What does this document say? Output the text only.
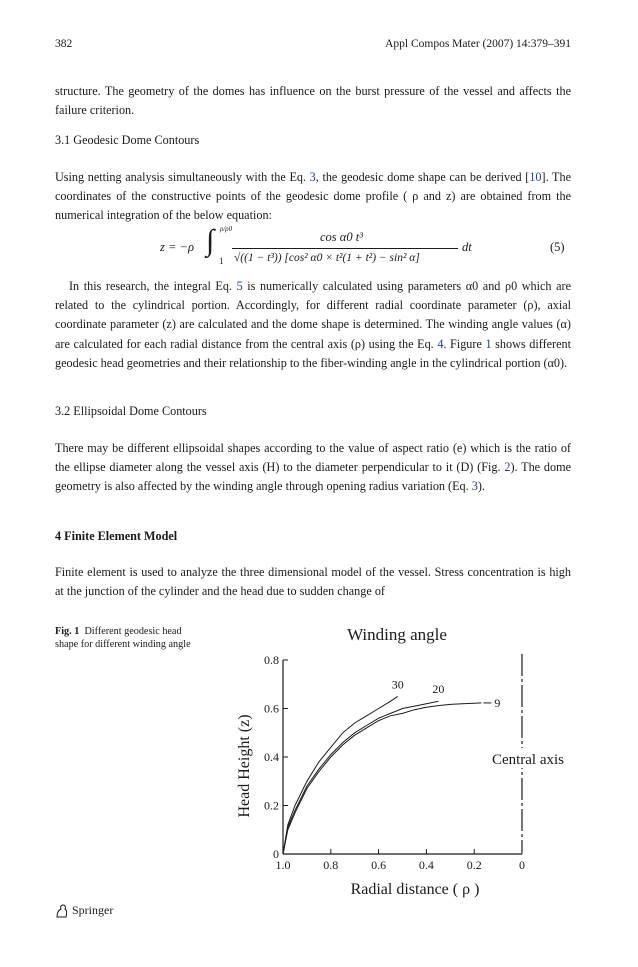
382	Appl Compos Mater (2007) 14:379–391
structure. The geometry of the domes has influence on the burst pressure of the vessel and affects the failure criterion.
3.1 Geodesic Dome Contours
Using netting analysis simultaneously with the Eq. 3, the geodesic dome shape can be derived [10]. The coordinates of the constructive points of the geodesic dome profile ( ρ and z) are obtained from the numerical integration of the below equation:
z = −ρ ∫ ρ/ρ0
1
cos α0 t³
√((1 − t³)) [cos² α0 × t²(1 + t²) − sin² α]
dt	(5)
In this research, the integral Eq. 5 is numerically calculated using parameters α0 and ρ0 which are related to the cylindrical portion. Accordingly, for different radial coordinate parameter (ρ), axial coordinate parameter (z) are calculated and the dome shape is determined. The winding angle values (α) are calculated for each radial distance from the central axis (ρ) using the Eq. 4. Figure 1 shows different geodesic head geometries and their relationship to the fiber-winding angle in the cylindrical portion (α0).
3.2 Ellipsoidal Dome Contours
There may be different ellipsoidal shapes according to the value of aspect ratio (e) which is the ratio of the ellipse diameter along the vessel axis (H) to the diameter perpendicular to it (D) (Fig. 2). The dome geometry is also affected by the winding angle through opening radius variation (Eq. 3).
4 Finite Element Model
Finite element is used to analyze the three dimensional model of the vessel. Stress concentration is high at the junction of the cylinder and the head due to sudden change of
Fig. 1 Different geodesic head shape for different winding angle
Winding angle
1.0	0.8	0.6	0.4	0.2	0
0
0.2
0.4
0.6
0.8
30 20
9
Head Height (z)
Radial distance ( ρ )
Central axis
Springer
